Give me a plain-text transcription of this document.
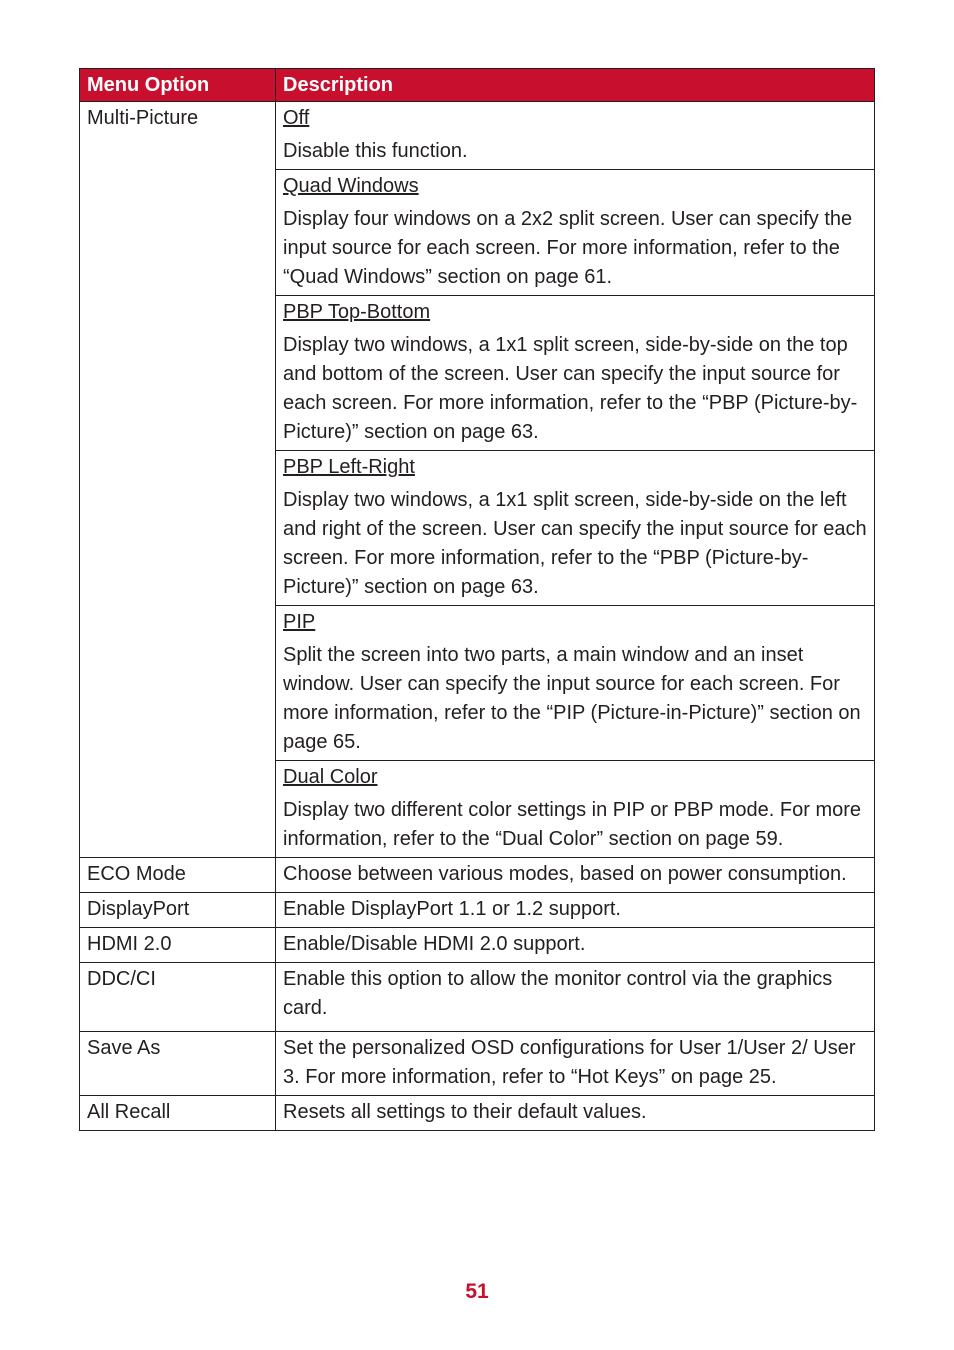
Menu Option	Description
Multi-Picture	Off

Disable this function.

	Quad Windows

Display four windows on a 2x2 split screen. User can specify the input source for each screen. For more information, refer to the “Quad Windows” section on page 61.

	PBP Top-Bottom

Display two windows, a 1x1 split screen, side-by-side on the top and bottom of the screen. User can specify the input source for each screen. For more information, refer to the “PBP (Picture-by-Picture)” section on page 63.

	PBP Left-Right

Display two windows, a 1x1 split screen, side-by-side on the left and right of the screen. User can specify the input source for each screen. For more information, refer to the “PBP (Picture-by-Picture)” section on page 63.

	PIP

Split the screen into two parts, a main window and an inset window. User can specify the input source for each screen. For more information, refer to the “PIP (Picture-in-Picture)” section on page 65.

	Dual Color

Display two different color settings in PIP or PBP mode. For more information, refer to the “Dual Color” section on page 59.

ECO Mode	Choose between various modes, based on power consumption.
DisplayPort	Enable DisplayPort 1.1 or 1.2 support.
HDMI 2.0	Enable/Disable HDMI 2.0 support.
DDC/CI	Enable this option to allow the monitor control via the graphics card.
Save As	Set the personalized OSD configurations for User 1/User 2/ User 3. For more information, refer to “Hot Keys” on page 25.
All Recall	Resets all settings to their default values.
51
